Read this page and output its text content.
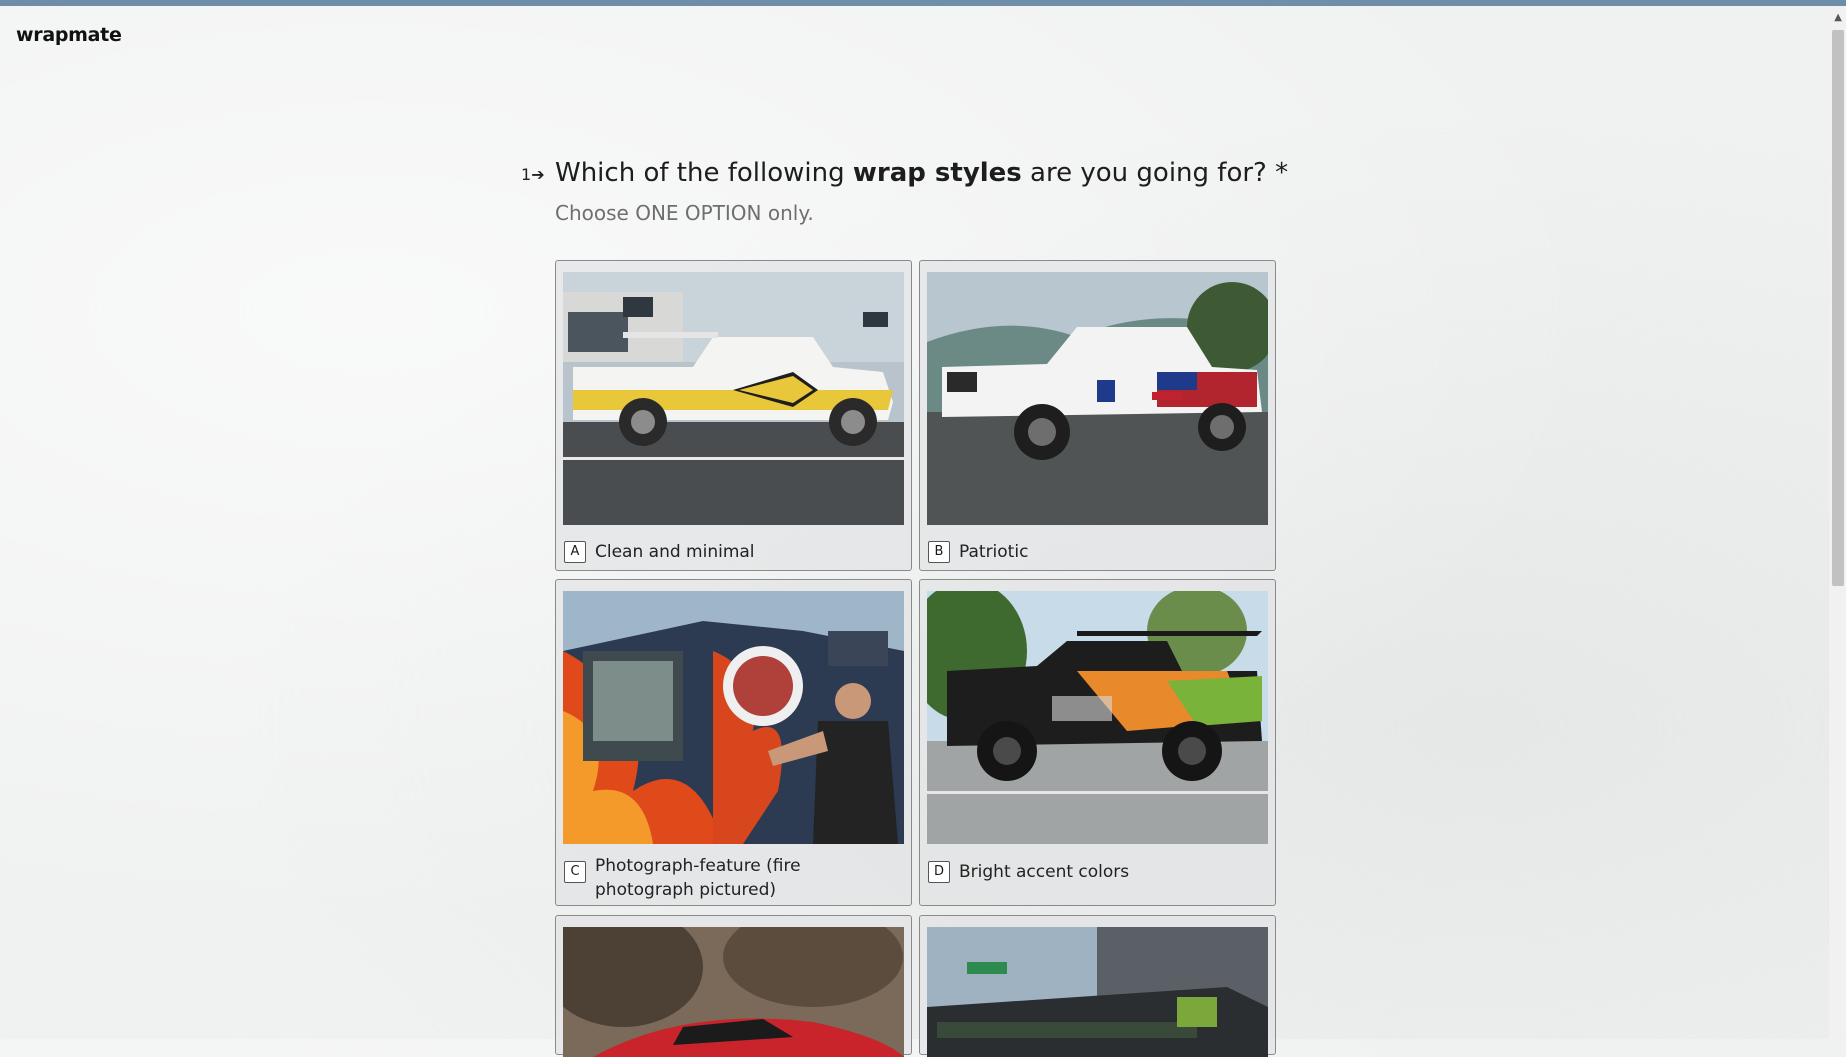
wrapmate
1➔ Which of the following wrap styles are you going for? *
Choose ONE OPTION only.
A Clean and minimal	B Patriotic
C Photograph-feature (fire photograph pictured)
D Bright accent colors
▲
